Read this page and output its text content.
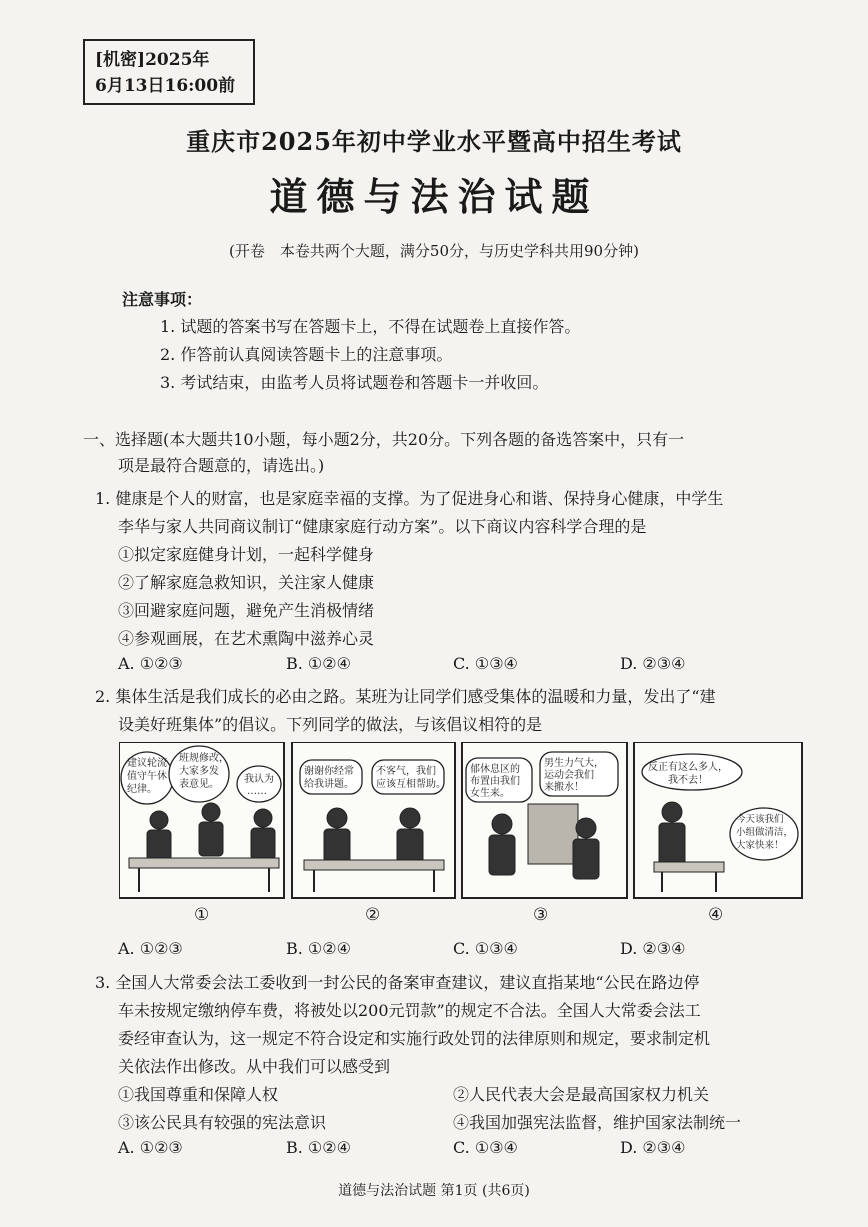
[机密]2025年
6月13日16:00前
重庆市2025年初中学业水平暨高中招生考试
道德与法治试题
(开卷　本卷共两个大题，满分50分，与历史学科共用90分钟)
注意事项：
1. 试题的答案书写在答题卡上，不得在试题卷上直接作答。
2. 作答前认真阅读答题卡上的注意事项。
3. 考试结束，由监考人员将试题卷和答题卡一并收回。
一、选择题(本大题共10小题，每小题2分，共20分。下列各题的备选答案中，只有一
项是最符合题意的，请选出。)
1. 健康是个人的财富，也是家庭幸福的支撑。为了促进身心和谐、保持身心健康，中学生
李华与家人共同商议制订“健康家庭行动方案”。以下商议内容科学合理的是
①拟定家庭健身计划，一起科学健身
②了解家庭急救知识，关注家人健康
③回避家庭问题，避免产生消极情绪
④参观画展，在艺术熏陶中滋养心灵
A. ①②③	B. ①②④	C. ①③④	D. ②③④
2. 集体生活是我们成长的必由之路。某班为让同学们感受集体的温暖和力量，发出了“建
设美好班集体”的倡议。下列同学的做法，与该倡议相符的是
建议轮流
值守午休
纪律。
班规修改，
大家多发
表意见。	我认为
……
谢谢你经常
给我讲题。
不客气，我们
应该互相帮助。
郁休息区的
布置由我们
女生来。
男生力气大，
运动会我们
来搬水！
反正有这么多人，
我不去！
今天该我们
小组做清洁，
大家快来！
①	②	③	④
A. ①②③	B. ①②④	C. ①③④	D. ②③④
3. 全国人大常委会法工委收到一封公民的备案审查建议，建议直指某地“公民在路边停
车未按规定缴纳停车费，将被处以200元罚款”的规定不合法。全国人大常委会法工
委经审查认为，这一规定不符合设定和实施行政处罚的法律原则和规定，要求制定机
关依法作出修改。从中我们可以感受到
①我国尊重和保障人权	②人民代表大会是最高国家权力机关
③该公民具有较强的宪法意识	④我国加强宪法监督，维护国家法制统一
A. ①②③	B. ①②④	C. ①③④	D. ②③④
道德与法治试题 第1页 (共6页)
